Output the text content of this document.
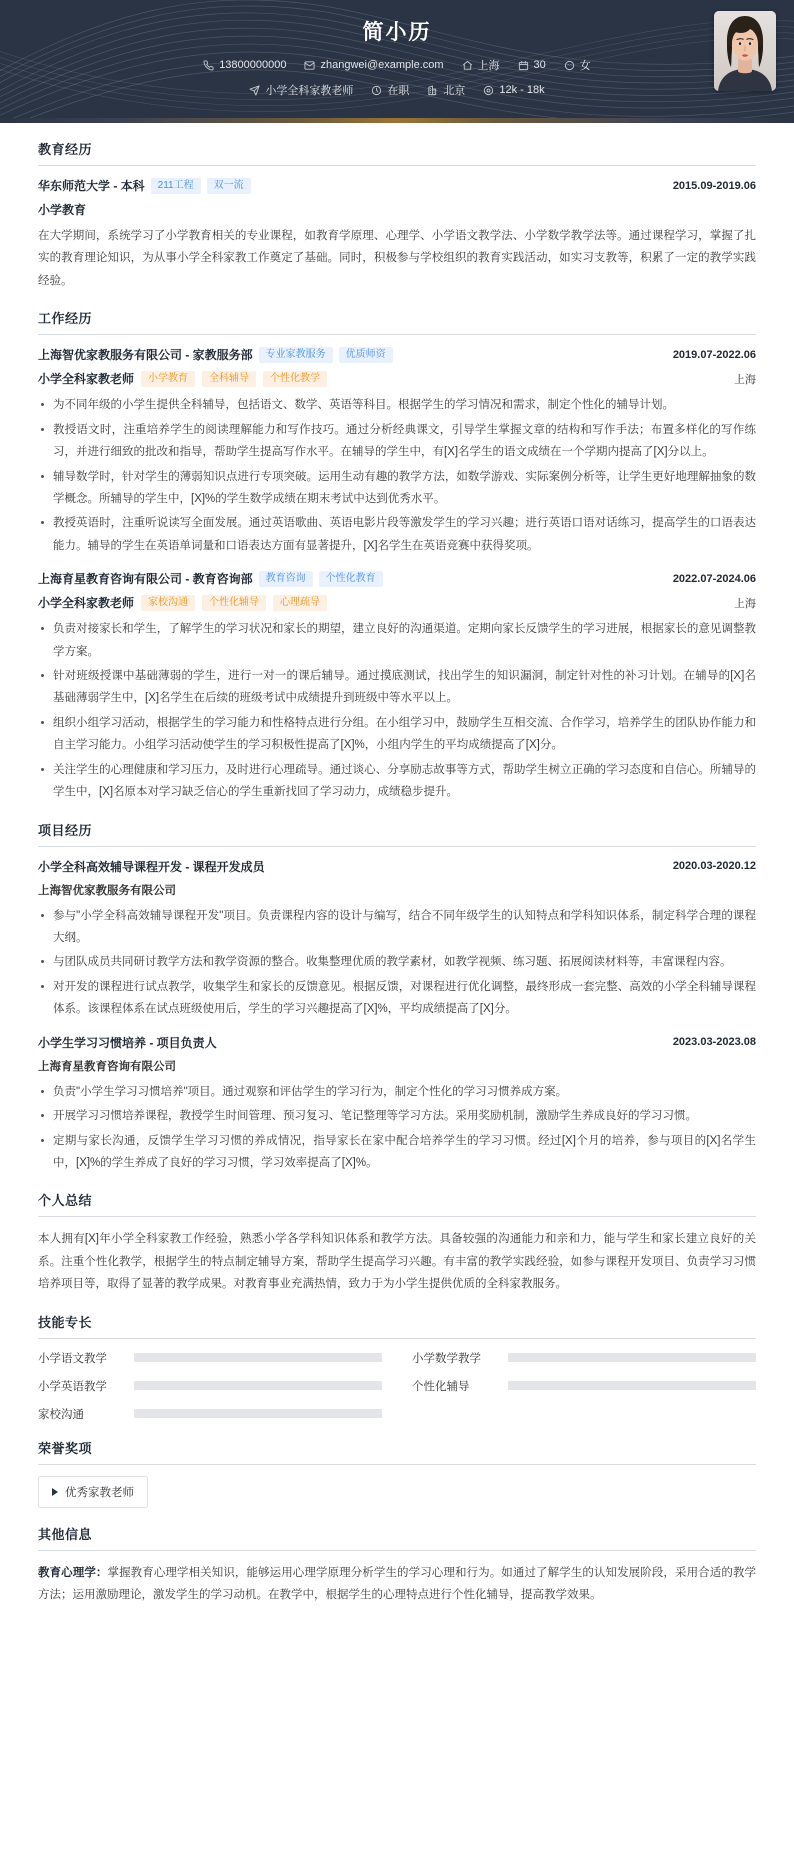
简小历
13800000000	zhangwei@example.com	上海	30	女
小学全科家教老师	在职	北京	12k - 18k
教育经历
华东师范大学 - 本科	211工程	双一流	2015.09-2019.06
小学教育
在大学期间，系统学习了小学教育相关的专业课程，如教育学原理、心理学、小学语文教学法、小学数学教学法等。通过课程学习，掌握了扎实的教育理论知识，为从事小学全科家教工作奠定了基础。同时，积极参与学校组织的教育实践活动，如实习支教等，积累了一定的教学实践经验。
工作经历
上海智优家教服务有限公司 - 家教服务部	专业家教服务	优质师资	2019.07-2022.06
小学全科家教老师	小学教育	全科辅导	个性化教学	上海
为不同年级的小学生提供全科辅导，包括语文、数学、英语等科目。根据学生的学习情况和需求，制定个性化的辅导计划。
教授语文时，注重培养学生的阅读理解能力和写作技巧。通过分析经典课文，引导学生掌握文章的结构和写作手法；布置多样化的写作练习，并进行细致的批改和指导，帮助学生提高写作水平。在辅导的学生中，有[X]名学生的语文成绩在一个学期内提高了[X]分以上。
辅导数学时，针对学生的薄弱知识点进行专项突破。运用生动有趣的教学方法，如数学游戏、实际案例分析等，让学生更好地理解抽象的数学概念。所辅导的学生中，[X]%的学生数学成绩在期末考试中达到优秀水平。
教授英语时，注重听说读写全面发展。通过英语歌曲、英语电影片段等激发学生的学习兴趣；进行英语口语对话练习，提高学生的口语表达能力。辅导的学生在英语单词量和口语表达方面有显著提升，[X]名学生在英语竞赛中获得奖项。
上海育星教育咨询有限公司 - 教育咨询部	教育咨询	个性化教育	2022.07-2024.06
小学全科家教老师	家校沟通	个性化辅导	心理疏导	上海
负责对接家长和学生，了解学生的学习状况和家长的期望，建立良好的沟通渠道。定期向家长反馈学生的学习进展，根据家长的意见调整教学方案。
针对班级授课中基础薄弱的学生，进行一对一的课后辅导。通过摸底测试，找出学生的知识漏洞，制定针对性的补习计划。在辅导的[X]名基础薄弱学生中，[X]名学生在后续的班级考试中成绩提升到班级中等水平以上。
组织小组学习活动，根据学生的学习能力和性格特点进行分组。在小组学习中，鼓励学生互相交流、合作学习，培养学生的团队协作能力和自主学习能力。小组学习活动使学生的学习积极性提高了[X]%，小组内学生的平均成绩提高了[X]分。
关注学生的心理健康和学习压力，及时进行心理疏导。通过谈心、分享励志故事等方式，帮助学生树立正确的学习态度和自信心。所辅导的学生中，[X]名原本对学习缺乏信心的学生重新找回了学习动力，成绩稳步提升。
项目经历
小学全科高效辅导课程开发 - 课程开发成员	2020.03-2020.12
上海智优家教服务有限公司
参与"小学全科高效辅导课程开发"项目。负责课程内容的设计与编写，结合不同年级学生的认知特点和学科知识体系，制定科学合理的课程大纲。
与团队成员共同研讨教学方法和教学资源的整合。收集整理优质的教学素材，如教学视频、练习题、拓展阅读材料等，丰富课程内容。
对开发的课程进行试点教学，收集学生和家长的反馈意见。根据反馈，对课程进行优化调整，最终形成一套完整、高效的小学全科辅导课程体系。该课程体系在试点班级使用后，学生的学习兴趣提高了[X]%，平均成绩提高了[X]分。
小学生学习习惯培养 - 项目负责人	2023.03-2023.08
上海育星教育咨询有限公司
负责"小学生学习习惯培养"项目。通过观察和评估学生的学习行为，制定个性化的学习习惯养成方案。
开展学习习惯培养课程，教授学生时间管理、预习复习、笔记整理等学习方法。采用奖励机制，激励学生养成良好的学习习惯。
定期与家长沟通，反馈学生学习习惯的养成情况，指导家长在家中配合培养学生的学习习惯。经过[X]个月的培养，参与项目的[X]名学生中，[X]%的学生养成了良好的学习习惯，学习效率提高了[X]%。
个人总结
本人拥有[X]年小学全科家教工作经验，熟悉小学各学科知识体系和教学方法。具备较强的沟通能力和亲和力，能与学生和家长建立良好的关系。注重个性化教学，根据学生的特点制定辅导方案，帮助学生提高学习兴趣。有丰富的教学实践经验，如参与课程开发项目、负责学习习惯培养项目等，取得了显著的教学成果。对教育事业充满热情，致力于为小学生提供优质的全科家教服务。
技能专长
小学语文教学	小学数学教学
小学英语教学	个性化辅导
家校沟通
荣誉奖项
优秀家教老师
其他信息
教育心理学：掌握教育心理学相关知识，能够运用心理学原理分析学生的学习心理和行为。如通过了解学生的认知发展阶段，采用合适的教学方法；运用激励理论，激发学生的学习动机。在教学中，根据学生的心理特点进行个性化辅导，提高教学效果。
